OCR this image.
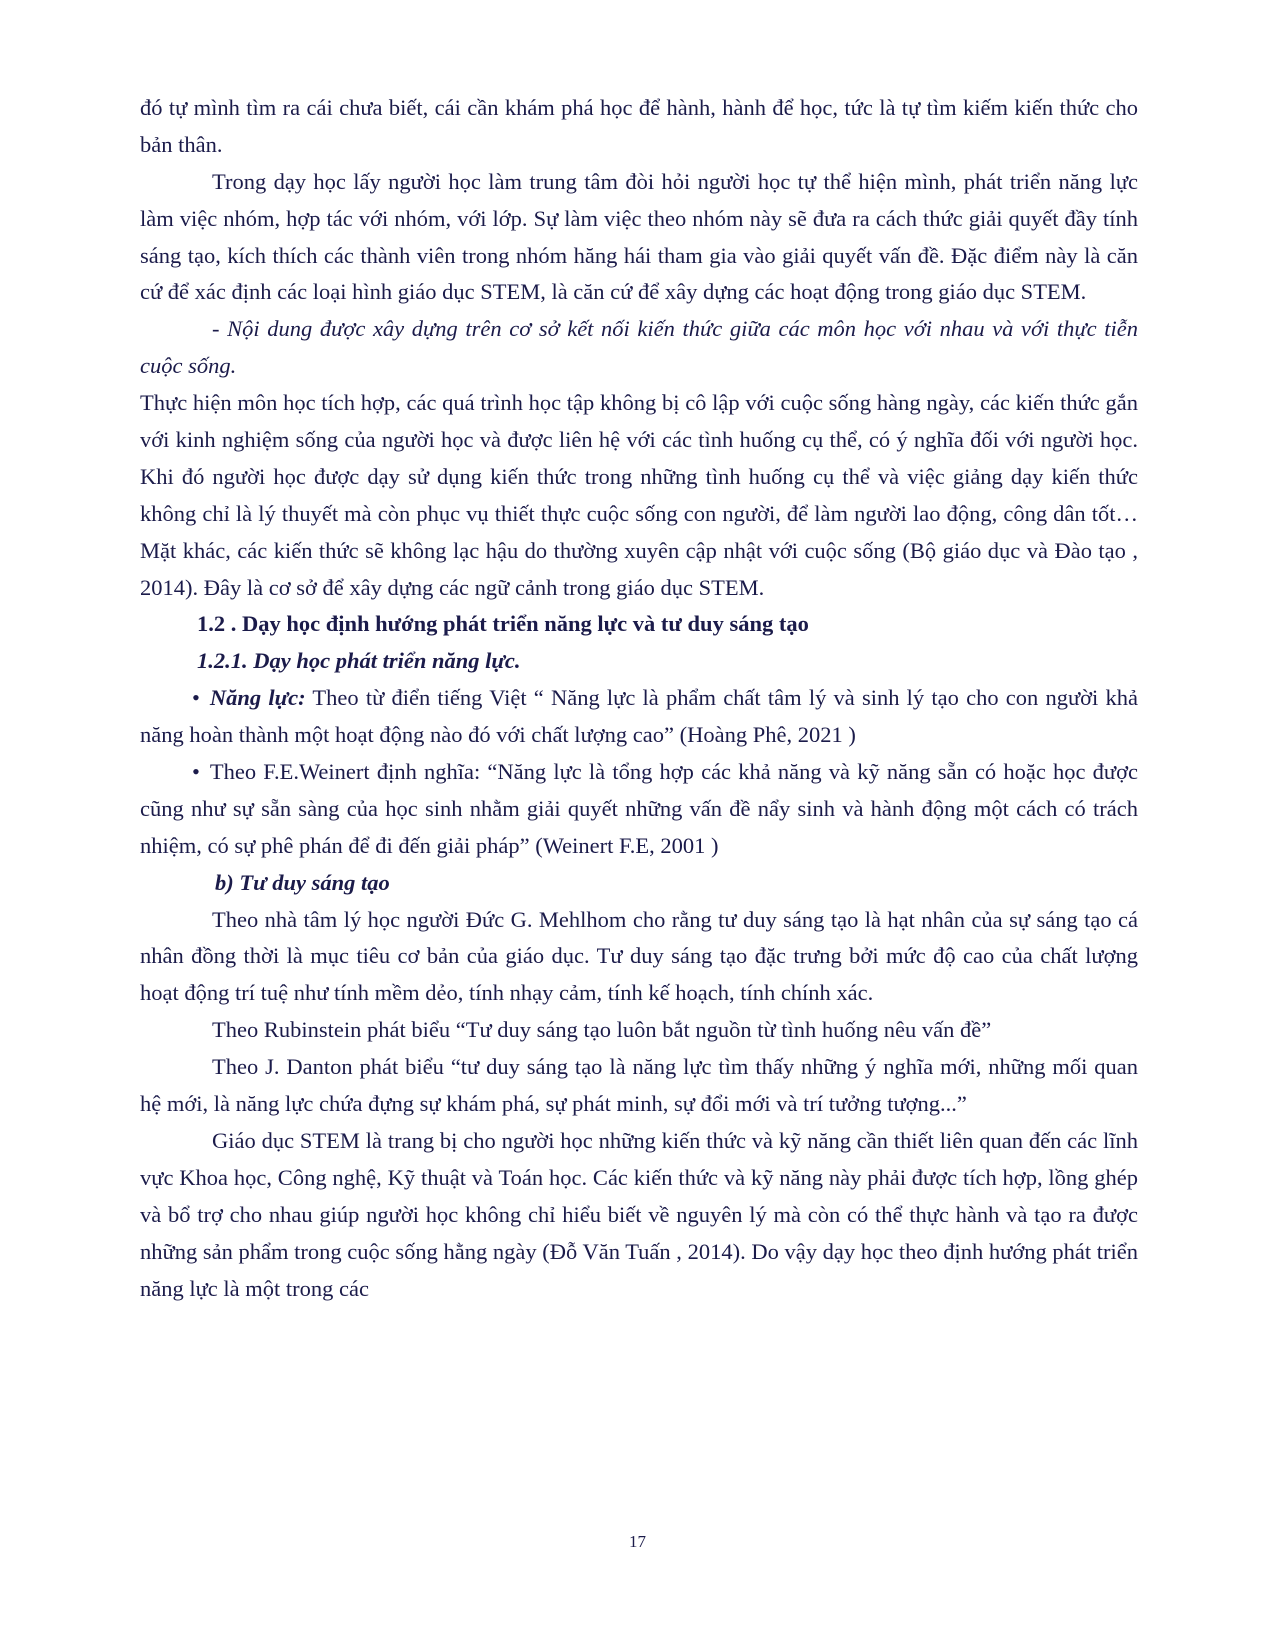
đó tự mình tìm ra cái chưa biết, cái cần khám phá học để hành, hành để học, tức là tự tìm kiếm kiến thức cho bản thân.

Trong dạy học lấy người học làm trung tâm đòi hỏi người học tự thể hiện mình, phát triển năng lực làm việc nhóm, hợp tác với nhóm, với lớp. Sự làm việc theo nhóm này sẽ đưa ra cách thức giải quyết đầy tính sáng tạo, kích thích các thành viên trong nhóm hăng hái tham gia vào giải quyết vấn đề. Đặc điểm này là căn cứ để xác định các loại hình giáo dục STEM, là căn cứ để xây dựng các hoạt động trong giáo dục STEM.

- Nội dung được xây dựng trên cơ sở kết nối kiến thức giữa các môn học với nhau và với thực tiễn cuộc sống.

Thực hiện môn học tích hợp, các quá trình học tập không bị cô lập với cuộc sống hàng ngày, các kiến thức gắn với kinh nghiệm sống của người học và được liên hệ với các tình huống cụ thể, có ý nghĩa đối với người học. Khi đó người học được dạy sử dụng kiến thức trong những tình huống cụ thể và việc giảng dạy kiến thức không chỉ là lý thuyết mà còn phục vụ thiết thực cuộc sống con người, để làm người lao động, công dân tốt… Mặt khác, các kiến thức sẽ không lạc hậu do thường xuyên cập nhật với cuộc sống (Bộ giáo dục và Đào tạo , 2014). Đây là cơ sở để xây dựng các ngữ cảnh trong giáo dục STEM.

1.2 . Dạy học định hướng phát triển năng lực và tư duy sáng tạo

1.2.1. Dạy học phát triển năng lực.

• Năng lực: Theo từ điển tiếng Việt “ Năng lực là phẩm chất tâm lý và sinh lý tạo cho con người khả năng hoàn thành một hoạt động nào đó với chất lượng cao” (Hoàng Phê, 2021 )

• Theo F.E.Weinert định nghĩa: “Năng lực là tổng hợp các khả năng và kỹ năng sẵn có hoặc học được cũng như sự sẵn sàng của học sinh nhằm giải quyết những vấn đề nẩy sinh và hành động một cách có trách nhiệm, có sự phê phán để đi đến giải pháp” (Weinert F.E, 2001 )

b) Tư duy sáng tạo

Theo nhà tâm lý học người Đức G. Mehlhom cho rằng tư duy sáng tạo là hạt nhân của sự sáng tạo cá nhân đồng thời là mục tiêu cơ bản của giáo dục. Tư duy sáng tạo đặc trưng bởi mức độ cao của chất lượng hoạt động trí tuệ như tính mềm dẻo, tính nhạy cảm, tính kế hoạch, tính chính xác.

Theo Rubinstein phát biểu “Tư duy sáng tạo luôn bắt nguồn từ tình huống nêu vấn đề”

Theo J. Danton phát biểu “tư duy sáng tạo là năng lực tìm thấy những ý nghĩa mới, những mối quan hệ mới, là năng lực chứa đựng sự khám phá, sự phát minh, sự đổi mới và trí tưởng tượng...”

Giáo dục STEM là trang bị cho người học những kiến thức và kỹ năng cần thiết liên quan đến các lĩnh vực Khoa học, Công nghệ, Kỹ thuật và Toán học. Các kiến thức và kỹ năng này phải được tích hợp, lồng ghép và bổ trợ cho nhau giúp người học không chỉ hiểu biết về nguyên lý mà còn có thể thực hành và tạo ra được những sản phẩm trong cuộc sống hằng ngày (Đỗ Văn Tuấn , 2014). Do vậy dạy học theo định hướng phát triển năng lực là một trong các

17
